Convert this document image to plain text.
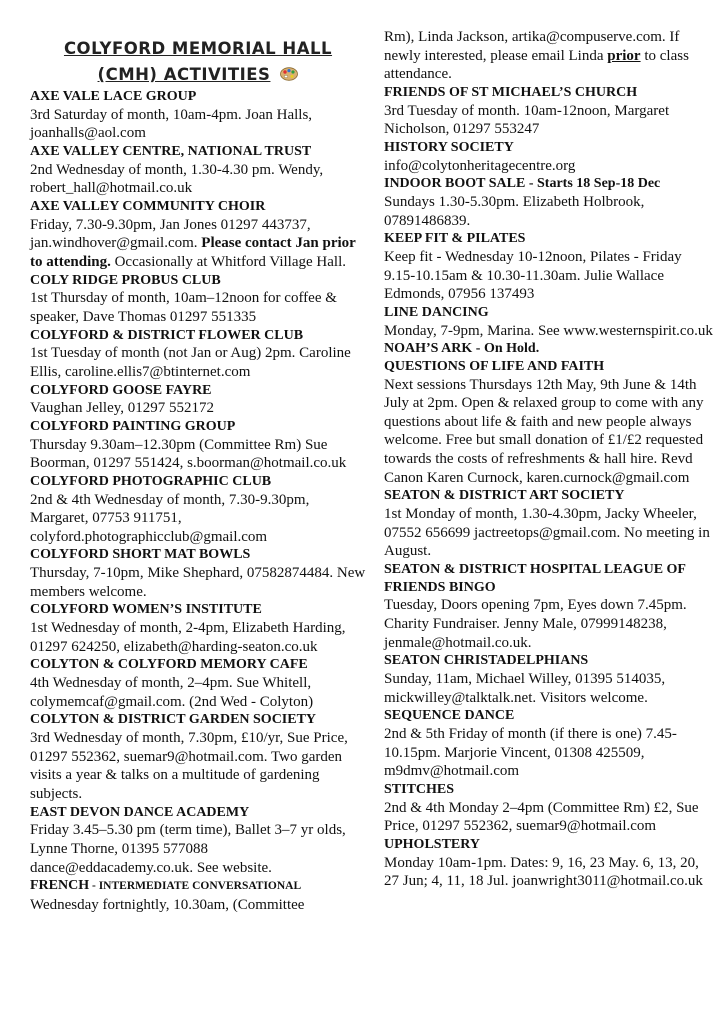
COLYFORD MEMORIAL HALL
(CMH) ACTIVITIES

AXE VALE LACE GROUP

3rd Saturday of month, 10am-4pm. Joan Halls, joanhalls@aol.com

AXE VALLEY CENTRE, NATIONAL TRUST

2nd Wednesday of month, 1.30-4.30 pm. Wendy, robert_hall@hotmail.co.uk

AXE VALLEY COMMUNITY CHOIR

Friday, 7.30-9.30pm, Jan Jones 01297 443737, jan.windhover@gmail.com. Please contact Jan prior to attending. Occasionally at Whitford Village Hall.

COLY RIDGE PROBUS CLUB

1st Thursday of month, 10am–12noon for coffee & speaker, Dave Thomas 01297 551335

COLYFORD & DISTRICT FLOWER CLUB

1st Tuesday of month (not Jan or Aug) 2pm. Caroline Ellis, caroline.ellis7@btinternet.com

COLYFORD GOOSE FAYRE

Vaughan Jelley, 01297 552172

COLYFORD PAINTING GROUP

Thursday 9.30am–12.30pm (Committee Rm) Sue Boorman, 01297 551424, s.boorman@hotmail.co.uk

COLYFORD PHOTOGRAPHIC CLUB

2nd & 4th Wednesday of month, 7.30-9.30pm, Margaret, 07753 911751, colyford.photographicclub@gmail.com

COLYFORD SHORT MAT BOWLS

Thursday, 7-10pm, Mike Shephard, 07582874484. New members welcome.

COLYFORD WOMEN’S INSTITUTE

1st Wednesday of month, 2-4pm, Elizabeth Harding, 01297 624250, elizabeth@harding-seaton.co.uk

COLYTON & COLYFORD MEMORY CAFE

4th Wednesday of month, 2–4pm. Sue Whitell, colymemcaf@gmail.com. (2nd Wed - Colyton)

COLYTON & DISTRICT GARDEN SOCIETY

3rd Wednesday of month, 7.30pm, £10/yr, Sue Price, 01297 552362, suemar9@hotmail.com. Two garden visits a year & talks on a multitude of gardening subjects.

EAST DEVON DANCE ACADEMY

Friday 3.45–5.30 pm (term time), Ballet 3–7 yr olds, Lynne Thorne, 01395 577088 dance@eddacademy.co.uk. See website.

FRENCH - INTERMEDIATE CONVERSATIONAL

Wednesday fortnightly, 10.30am, (Committee

Rm), Linda Jackson, artika@compuserve.com. If newly interested, please email Linda prior to class attendance.

FRIENDS OF ST MICHAEL’S CHURCH

3rd Tuesday of month. 10am-12noon, Margaret Nicholson, 01297 553247

HISTORY SOCIETY

info@colytonheritagecentre.org

INDOOR BOOT SALE - Starts 18 Sep-18 Dec

Sundays 1.30-5.30pm. Elizabeth Holbrook, 07891486839.

KEEP FIT & PILATES

Keep fit - Wednesday 10-12noon, Pilates - Friday 9.15-10.15am & 10.30-11.30am. Julie Wallace Edmonds, 07956 137493

LINE DANCING

Monday, 7-9pm, Marina. See www.westernspirit.co.uk

NOAH’S ARK - On Hold.

QUESTIONS OF LIFE AND FAITH

Next sessions Thursdays 12th May, 9th June & 14th July at 2pm. Open & relaxed group to come with any questions about life & faith and new people always welcome. Free but small donation of £1/£2 requested towards the costs of refreshments & hall hire. Revd Canon Karen Curnock, karen.curnock@gmail.com

SEATON & DISTRICT ART SOCIETY

1st Monday of month, 1.30-4.30pm, Jacky Wheeler, 07552 656699 jactreetops@gmail.com. No meeting in August.

SEATON & DISTRICT HOSPITAL LEAGUE OF FRIENDS BINGO

Tuesday, Doors opening 7pm, Eyes down 7.45pm. Charity Fundraiser. Jenny Male, 07999148238, jenmale@hotmail.co.uk.

SEATON CHRISTADELPHIANS

Sunday, 11am, Michael Willey, 01395 514035, mickwilley@talktalk.net. Visitors welcome.

SEQUENCE DANCE

2nd & 5th Friday of month (if there is one) 7.45-10.15pm. Marjorie Vincent, 01308 425509, m9dmv@hotmail.com

STITCHES

2nd & 4th Monday 2–4pm (Committee Rm) £2, Sue Price, 01297 552362, suemar9@hotmail.com

UPHOLSTERY

Monday 10am-1pm. Dates: 9, 16, 23 May. 6, 13, 20, 27 Jun; 4, 11, 18 Jul. joanwright3011@hotmail.co.uk
